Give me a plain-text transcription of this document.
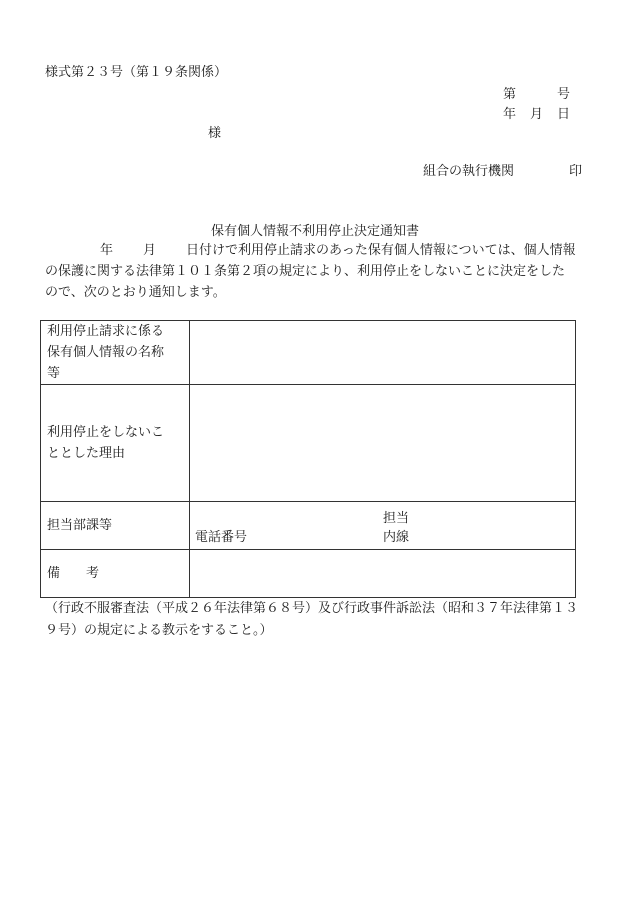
様式第２３号（第１９条関係）
第	号
年 月 日
様
組合の執行機関	印
保有個人情報不利用停止決定通知書
年 月 日付けで利用停止請求のあった保有個人情報については、個人情報
の保護に関する法律第１０１条第２項の規定により、利用停止をしないことに決定をした
ので、次のとおり通知します。
利用停止請求に係る
保有個人情報の名称
等	

利用停止をしないこ
ととした理由	

担当部課等	担当
電話番号 内線

備　　考	
（行政不服審査法（平成２６年法律第６８号）及び行政事件訴訟法（昭和３７年法律第１３
９号）の規定による教示をすること。）
